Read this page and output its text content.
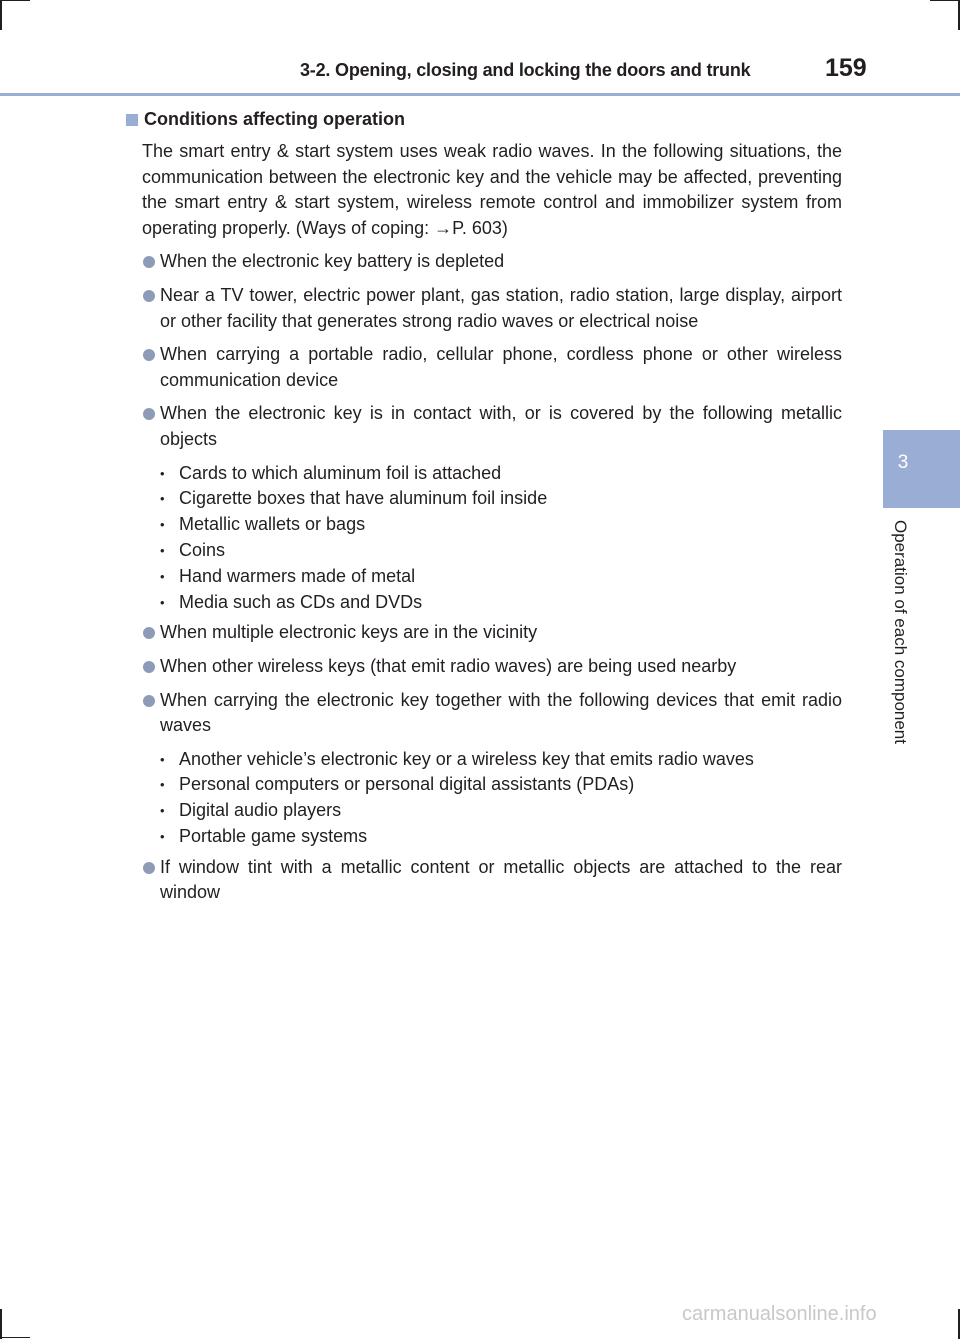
3-2. Opening, closing and locking the doors and trunk	159
3
Operation of each component
Conditions affecting operation

The smart entry & start system uses weak radio waves. In the following situations, the communication between the electronic key and the vehicle may be affected, preventing the smart entry & start system, wireless remote control and immobilizer system from operating properly. (Ways of coping: →P. 603)

When the electronic key battery is depleted
Near a TV tower, electric power plant, gas station, radio station, large display, airport or other facility that generates strong radio waves or electrical noise
When carrying a portable radio, cellular phone, cordless phone or other wireless communication device
When the electronic key is in contact with, or is covered by the following metallic objects
• Cards to which aluminum foil is attached
• Cigarette boxes that have aluminum foil inside
• Metallic wallets or bags
• Coins
• Hand warmers made of metal
• Media such as CDs and DVDs
When multiple electronic keys are in the vicinity
When other wireless keys (that emit radio waves) are being used nearby
When carrying the electronic key together with the following devices that emit radio waves
• Another vehicle’s electronic key or a wireless key that emits radio waves
• Personal computers or personal digital assistants (PDAs)
• Digital audio players
• Portable game systems
If window tint with a metallic content or metallic objects are attached to the rear window
carmanualsonline.info
